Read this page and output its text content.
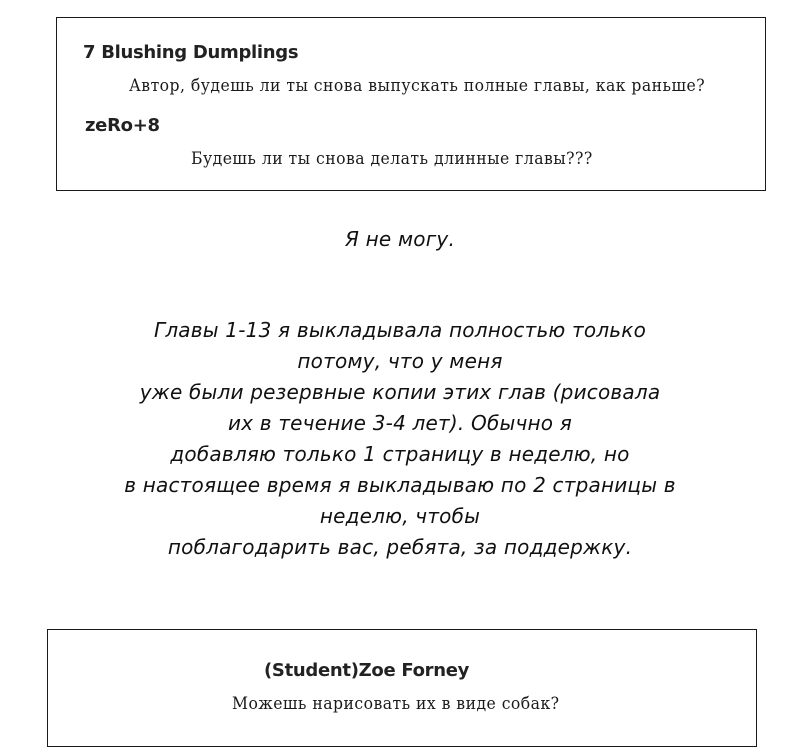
7 Blushing Dumplings
Автор, будешь ли ты снова выпускать полные главы, как раньше?
zeRo+8
Будешь ли ты снова делать длинные главы???
Я не могу.
Главы 1-13 я выкладывала полностью только
потому, что у меня
уже были резервные копии этих глав (рисовала
их в течение 3-4 лет). Обычно я
добавляю только 1 страницу в неделю, но
в настоящее время я выкладываю по 2 страницы в
неделю, чтобы
поблагодарить вас, ребята, за поддержку.
(Student)Zoe Forney
Можешь нарисовать их в виде собак?
